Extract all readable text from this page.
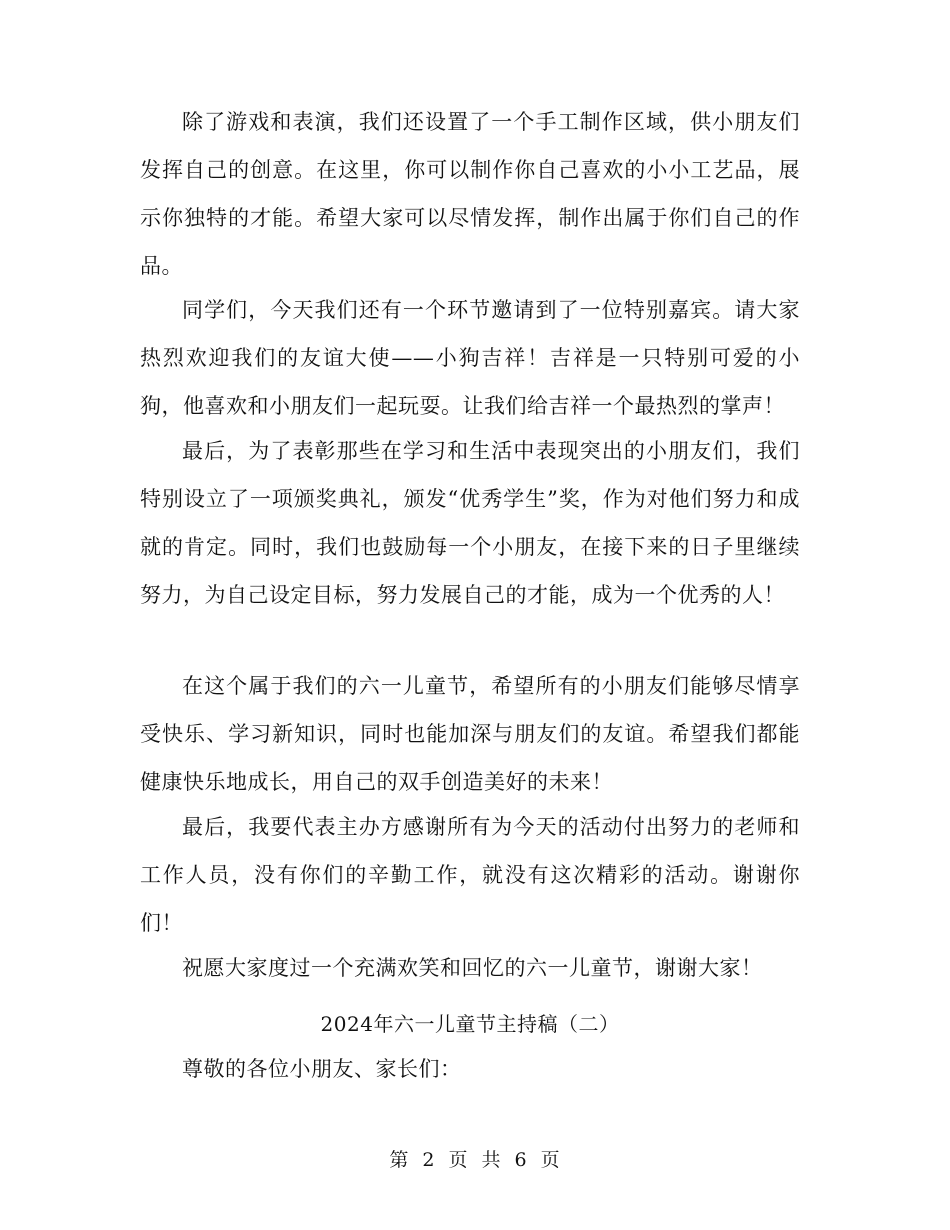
除了游戏和表演，我们还设置了一个手工制作区域，供小朋友们发挥自己的创意。在这里，你可以制作你自己喜欢的小小工艺品，展示你独特的才能。希望大家可以尽情发挥，制作出属于你们自己的作品。

同学们，今天我们还有一个环节邀请到了一位特别嘉宾。请大家热烈欢迎我们的友谊大使——小狗吉祥！吉祥是一只特别可爱的小狗，他喜欢和小朋友们一起玩耍。让我们给吉祥一个最热烈的掌声！

最后，为了表彰那些在学习和生活中表现突出的小朋友们，我们特别设立了一项颁奖典礼，颁发“优秀学生”奖，作为对他们努力和成就的肯定。同时，我们也鼓励每一个小朋友，在接下来的日子里继续努力，为自己设定目标，努力发展自己的才能，成为一个优秀的人！

在这个属于我们的六一儿童节，希望所有的小朋友们能够尽情享受快乐、学习新知识，同时也能加深与朋友们的友谊。希望我们都能健康快乐地成长，用自己的双手创造美好的未来！

最后，我要代表主办方感谢所有为今天的活动付出努力的老师和工作人员，没有你们的辛勤工作，就没有这次精彩的活动。谢谢你们！

祝愿大家度过一个充满欢笑和回忆的六一儿童节，谢谢大家！

2024年六一儿童节主持稿（二）

尊敬的各位小朋友、家长们：

第 2 页 共 6 页
